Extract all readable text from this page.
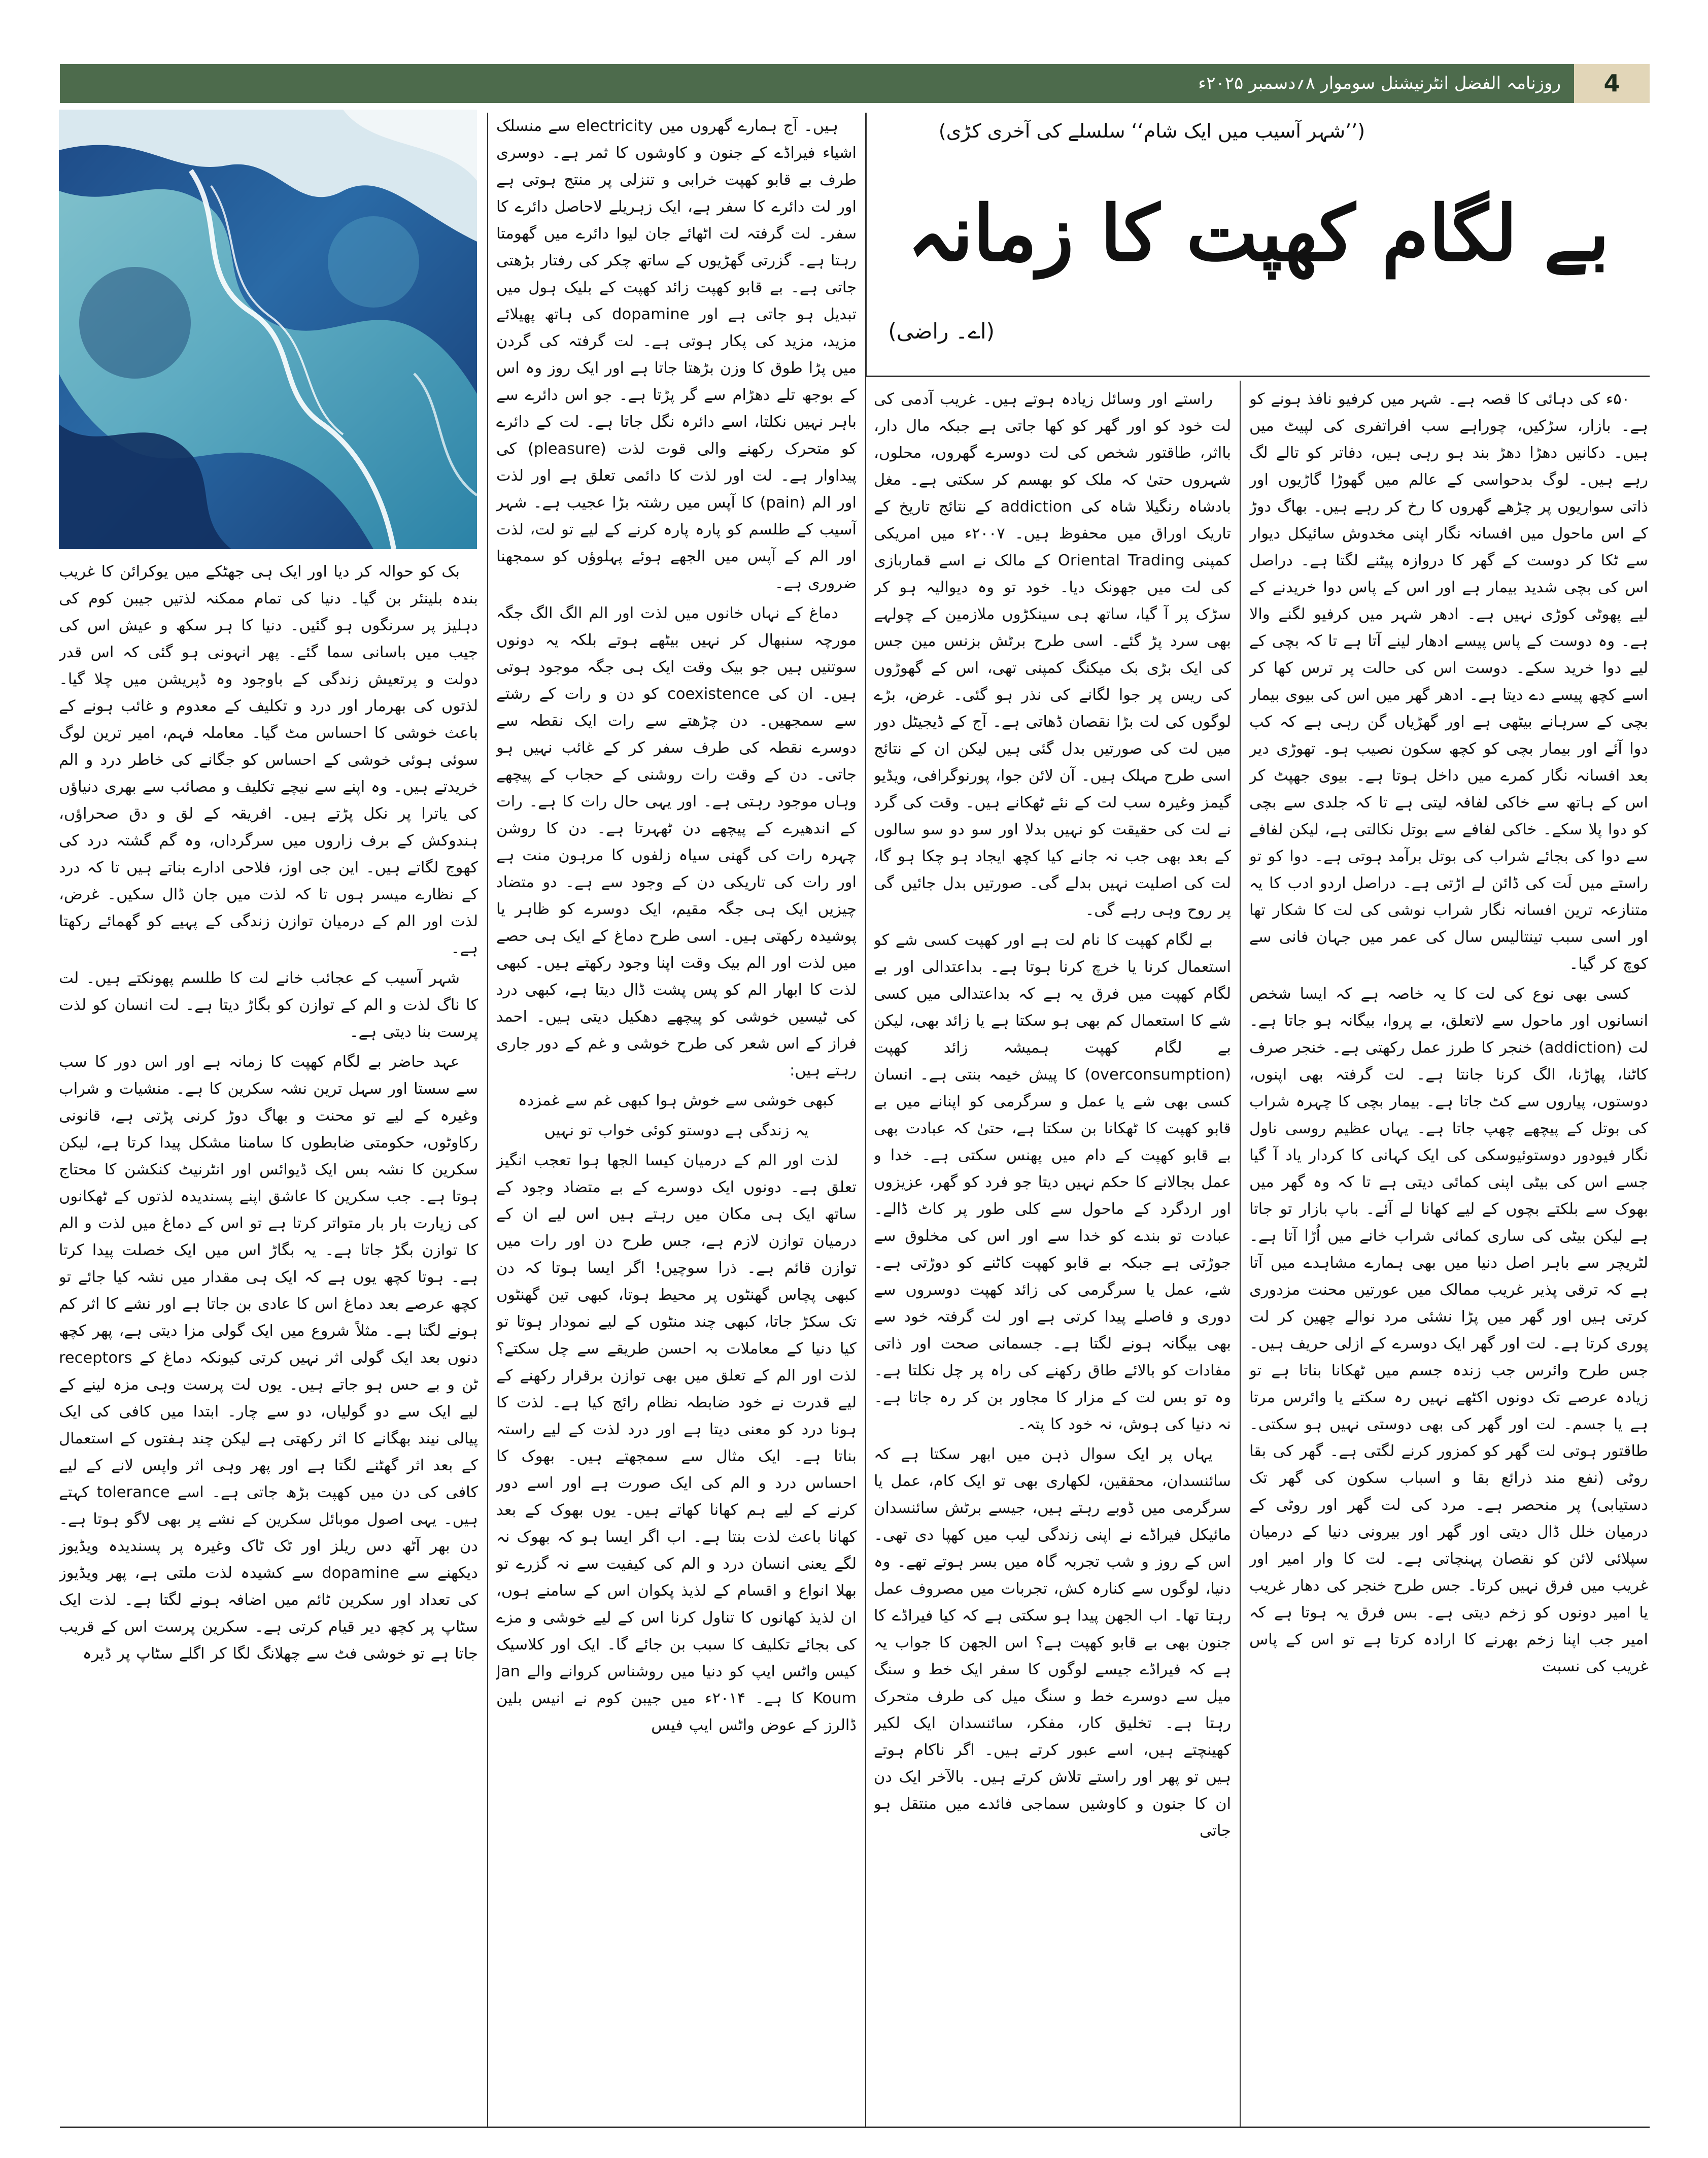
روزنامہ الفضل انٹرنیشنل سوموار ۸؍دسمبر ۲۰۲۵ء	4
(’’شہر آسیب میں ایک شام‘‘ سلسلے کی آخری کڑی)
بے لگام کھپت کا زمانہ
(اے۔ راضی)

۵۰ء کی دہائی کا قصہ ہے۔ شہر میں کرفیو نافذ ہونے کو ہے۔ بازار، سڑکیں، چوراہے سب افراتفری کی لپیٹ میں ہیں۔ دکانیں دھڑا دھڑ بند ہو رہی ہیں، دفاتر کو تالے لگ رہے ہیں۔ لوگ بدحواسی کے عالم میں گھوڑا گاڑیوں اور ذاتی سواریوں پر چڑھے گھروں کا رخ کر رہے ہیں۔ بھاگ دوڑ کے اس ماحول میں افسانہ نگار اپنی مخدوش سائیکل دیوار سے ٹکا کر دوست کے گھر کا دروازہ پیٹنے لگتا ہے۔ دراصل اس کی بچی شدید بیمار ہے اور اس کے پاس دوا خریدنے کے لیے پھوٹی کوڑی نہیں ہے۔ ادھر شہر میں کرفیو لگنے والا ہے۔ وہ دوست کے پاس پیسے ادھار لینے آتا ہے تا کہ بچی کے لیے دوا خرید سکے۔ دوست اس کی حالت پر ترس کھا کر اسے کچھ پیسے دے دیتا ہے۔ ادھر گھر میں اس کی بیوی بیمار بچی کے سرہانے بیٹھی ہے اور گھڑیاں گن رہی ہے کہ کب دوا آئے اور بیمار بچی کو کچھ سکون نصیب ہو۔ تھوڑی دیر بعد افسانہ نگار کمرے میں داخل ہوتا ہے۔ بیوی جھپٹ کر اس کے ہاتھ سے خاکی لفافہ لیتی ہے تا کہ جلدی سے بچی کو دوا پلا سکے۔ خاکی لفافے سے بوتل نکالتی ہے، لیکن لفافے سے دوا کی بجائے شراب کی بوتل برآمد ہوتی ہے۔ دوا کو تو راستے میں لَت کی ڈائن لے اڑتی ہے۔ دراصل اردو ادب کا یہ متنازعہ ترین افسانہ نگار شراب نوشی کی لت کا شکار تھا اور اسی سبب تینتالیس سال کی عمر میں جہان فانی سے کوچ کر گیا۔

کسی بھی نوع کی لت کا یہ خاصہ ہے کہ ایسا شخص انسانوں اور ماحول سے لاتعلق، بے پروا، بیگانہ ہو جاتا ہے۔ لت (addiction) خنجر کا طرز عمل رکھتی ہے۔ خنجر صرف کاٹنا، پھاڑنا، الگ کرنا جانتا ہے۔ لت گرفتہ بھی اپنوں، دوستوں، پیاروں سے کٹ جاتا ہے۔ بیمار بچی کا چہرہ شراب کی بوتل کے پیچھے چھپ جاتا ہے۔ یہاں عظیم روسی ناول نگار فیودور دوستوئیوسکی کی ایک کہانی کا کردار یاد آ گیا جسے اس کی بیٹی اپنی کمائی دیتی ہے تا کہ وہ گھر میں بھوک سے بلکتے بچوں کے لیے کھانا لے آئے۔ باپ بازار تو جاتا ہے لیکن بیٹی کی ساری کمائی شراب خانے میں اُڑا آتا ہے۔ لٹریچر سے باہر اصل دنیا میں بھی ہمارے مشاہدے میں آتا ہے کہ ترقی پذیر غریب ممالک میں عورتیں محنت مزدوری کرتی ہیں اور گھر میں پڑا نشئی مرد نوالے چھین کر لت پوری کرتا ہے۔ لت اور گھر ایک دوسرے کے ازلی حریف ہیں۔ جس طرح وائرس جب زندہ جسم میں ٹھکانا بناتا ہے تو زیادہ عرصے تک دونوں اکٹھے نہیں رہ سکتے یا وائرس مرتا ہے یا جسم۔ لت اور گھر کی بھی دوستی نہیں ہو سکتی۔ طاقتور ہوتی لت گھر کو کمزور کرنے لگتی ہے۔ گھر کی بقا روٹی (نفع مند ذرائع بقا و اسباب سکون کی گھر تک دستیابی) پر منحصر ہے۔ مرد کی لت گھر اور روٹی کے درمیان خلل ڈال دیتی اور گھر اور بیرونی دنیا کے درمیان سپلائی لائن کو نقصان پہنچاتی ہے۔ لت کا وار امیر اور غریب میں فرق نہیں کرتا۔ جس طرح خنجر کی دھار غریب یا امیر دونوں کو زخم دیتی ہے۔ بس فرق یہ ہوتا ہے کہ امیر جب اپنا زخم بھرنے کا ارادہ کرتا ہے تو اس کے پاس غریب کی نسبت

راستے اور وسائل زیادہ ہوتے ہیں۔ غریب آدمی کی لت خود کو اور گھر کو کھا جاتی ہے جبکہ مال دار، بااثر، طاقتور شخص کی لت دوسرے گھروں، محلوں، شہروں حتیٰ کہ ملک کو بھسم کر سکتی ہے۔ مغل بادشاہ رنگیلا شاہ کی addiction کے نتائج تاریخ کے تاریک اوراق میں محفوظ ہیں۔ ۲۰۰۷ء میں امریکی کمپنی Oriental Trading کے مالک نے اسے قماربازی کی لت میں جھونک دیا۔ خود تو وہ دیوالیہ ہو کر سڑک پر آ گیا، ساتھ ہی سینکڑوں ملازمین کے چولہے بھی سرد پڑ گئے۔ اسی طرح برٹش بزنس مین جس کی ایک بڑی بک میکنگ کمپنی تھی، اس کے گھوڑوں کی ریس پر جوا لگانے کی نذر ہو گئی۔ غرض، بڑے لوگوں کی لت بڑا نقصان ڈھاتی ہے۔ آج کے ڈیجیٹل دور میں لت کی صورتیں بدل گئی ہیں لیکن ان کے نتائج اسی طرح مہلک ہیں۔ آن لائن جوا، پورنوگرافی، ویڈیو گیمز وغیرہ سب لت کے نئے ٹھکانے ہیں۔ وقت کی گرد نے لت کی حقیقت کو نہیں بدلا اور سو دو سو سالوں کے بعد بھی جب نہ جانے کیا کچھ ایجاد ہو چکا ہو گا، لت کی اصلیت نہیں بدلے گی۔ صورتیں بدل جائیں گی پر روح وہی رہے گی۔

بے لگام کھپت کا نام لت ہے اور کھپت کسی شے کو استعمال کرنا یا خرچ کرنا ہوتا ہے۔ بداعتدالی اور بے لگام کھپت میں فرق یہ ہے کہ بداعتدالی میں کسی شے کا استعمال کم بھی ہو سکتا ہے یا زائد بھی، لیکن بے لگام کھپت ہمیشہ زائد کھپت (overconsumption) کا پیش خیمہ بنتی ہے۔ انسان کسی بھی شے یا عمل و سرگرمی کو اپنانے میں بے قابو کھپت کا ٹھکانا بن سکتا ہے، حتیٰ کہ عبادت بھی بے قابو کھپت کے دام میں پھنس سکتی ہے۔ خدا و عمل بجالانے کا حکم نہیں دیتا جو فرد کو گھر، عزیزوں اور اردگرد کے ماحول سے کلی طور پر کاٹ ڈالے۔ عبادت تو بندے کو خدا سے اور اس کی مخلوق سے جوڑتی ہے جبکہ بے قابو کھپت کاٹنے کو دوڑتی ہے۔ شے، عمل یا سرگرمی کی زائد کھپت دوسروں سے دوری و فاصلے پیدا کرتی ہے اور لت گرفتہ خود سے بھی بیگانہ ہونے لگتا ہے۔ جسمانی صحت اور ذاتی مفادات کو بالائے طاق رکھنے کی راہ پر چل نکلتا ہے۔ وہ تو بس لت کے مزار کا مجاور بن کر رہ جاتا ہے۔ نہ دنیا کی ہوش، نہ خود کا پتہ۔

یہاں پر ایک سوال ذہن میں ابھر سکتا ہے کہ سائنسدان، محققین، لکھاری بھی تو ایک کام، عمل یا سرگرمی میں ڈوبے رہتے ہیں، جیسے برٹش سائنسدان مائیکل فیراڈے نے اپنی زندگی لیب میں کھپا دی تھی۔ اس کے روز و شب تجربہ گاہ میں بسر ہوتے تھے۔ وہ دنیا، لوگوں سے کنارہ کش، تجربات میں مصروف عمل رہتا تھا۔ اب الجھن پیدا ہو سکتی ہے کہ کیا فیراڈے کا جنون بھی بے قابو کھپت ہے؟ اس الجھن کا جواب یہ ہے کہ فیراڈے جیسے لوگوں کا سفر ایک خط و سنگ میل سے دوسرے خط و سنگ میل کی طرف متحرک رہتا ہے۔ تخلیق کار، مفکر، سائنسدان ایک لکیر کھینچتے ہیں، اسے عبور کرتے ہیں۔ اگر ناکام ہوتے ہیں تو پھر اور راستے تلاش کرتے ہیں۔ بالآخر ایک دن ان کا جنون و کاوشیں سماجی فائدے میں منتقل ہو جاتی

ہیں۔ آج ہمارے گھروں میں electricity سے منسلک اشیاء فیراڈے کے جنون و کاوشوں کا ثمر ہے۔ دوسری طرف بے قابو کھپت خرابی و تنزلی پر منتج ہوتی ہے اور لت دائرے کا سفر ہے، ایک زہریلے لاحاصل دائرے کا سفر۔ لت گرفتہ لت اٹھائے جان لیوا دائرے میں گھومتا رہتا ہے۔ گزرتی گھڑیوں کے ساتھ چکر کی رفتار بڑھتی جاتی ہے۔ بے قابو کھپت زائد کھپت کے بلیک ہول میں تبدیل ہو جاتی ہے اور dopamine کی ہاتھ پھیلائے مزید، مزید کی پکار ہوتی ہے۔ لت گرفتہ کی گردن میں پڑا طوق کا وزن بڑھتا جاتا ہے اور ایک روز وہ اس کے بوجھ تلے دھڑام سے گر پڑتا ہے۔ جو اس دائرے سے باہر نہیں نکلتا، اسے دائرہ نگل جاتا ہے۔ لت کے دائرے کو متحرک رکھنے والی قوت لذت (pleasure) کی پیداوار ہے۔ لت اور لذت کا دائمی تعلق ہے اور لذت اور الم (pain) کا آپس میں رشتہ بڑا عجیب ہے۔ شہر آسیب کے طلسم کو پارہ پارہ کرنے کے لیے تو لت، لذت اور الم کے آپس میں الجھے ہوئے پہلوؤں کو سمجھنا ضروری ہے۔

دماغ کے نہاں خانوں میں لذت اور الم الگ الگ جگہ مورچہ سنبھال کر نہیں بیٹھے ہوتے بلکہ یہ دونوں سوتنیں ہیں جو بیک وقت ایک ہی جگہ موجود ہوتی ہیں۔ ان کی coexistence کو دن و رات کے رشتے سے سمجھیں۔ دن چڑھتے سے رات ایک نقطہ سے دوسرے نقطہ کی طرف سفر کر کے غائب نہیں ہو جاتی۔ دن کے وقت رات روشنی کے حجاب کے پیچھے وہاں موجود رہتی ہے۔ اور یہی حال رات کا ہے۔ رات کے اندھیرے کے پیچھے دن ٹھہرتا ہے۔ دن کا روشن چہرہ رات کی گھنی سیاہ زلفوں کا مرہون منت ہے اور رات کی تاریکی دن کے وجود سے ہے۔ دو متضاد چیزیں ایک ہی جگہ مقیم، ایک دوسرے کو ظاہر یا پوشیدہ رکھتی ہیں۔ اسی طرح دماغ کے ایک ہی حصے میں لذت اور الم بیک وقت اپنا وجود رکھتے ہیں۔ کبھی لذت کا ابھار الم کو پس پشت ڈال دیتا ہے، کبھی درد کی ٹیسیں خوشی کو پیچھے دھکیل دیتی ہیں۔ احمد فراز کے اس شعر کی طرح خوشی و غم کے دور جاری رہتے ہیں:

کبھی خوشی سے خوش ہوا کبھی غم سے غمزدہ

یہ زندگی ہے دوستو کوئی خواب تو نہیں

لذت اور الم کے درمیان کیسا الجھا ہوا تعجب انگیز تعلق ہے۔ دونوں ایک دوسرے کے بے متضاد وجود کے ساتھ ایک ہی مکان میں رہتے ہیں اس لیے ان کے درمیان توازن لازم ہے، جس طرح دن اور رات میں توازن قائم ہے۔ ذرا سوچیں! اگر ایسا ہوتا کہ دن کبھی پچاس گھنٹوں پر محیط ہوتا، کبھی تین گھنٹوں تک سکڑ جاتا، کبھی چند منٹوں کے لیے نمودار ہوتا تو کیا دنیا کے معاملات بہ احسن طریقے سے چل سکتے؟ لذت اور الم کے تعلق میں بھی توازن برقرار رکھنے کے لیے قدرت نے خود ضابطہ نظام رائج کیا ہے۔ لذت کا ہونا درد کو معنی دیتا ہے اور درد لذت کے لیے راستہ بناتا ہے۔ ایک مثال سے سمجھتے ہیں۔ بھوک کا احساس درد و الم کی ایک صورت ہے اور اسے دور کرنے کے لیے ہم کھانا کھاتے ہیں۔ یوں بھوک کے بعد کھانا باعث لذت بنتا ہے۔ اب اگر ایسا ہو کہ بھوک نہ لگے یعنی انسان درد و الم کی کیفیت سے نہ گزرے تو بھلا انواع و اقسام کے لذیذ پکوان اس کے سامنے ہوں، ان لذیذ کھانوں کا تناول کرنا اس کے لیے خوشی و مزے کی بجائے تکلیف کا سبب بن جائے گا۔ ایک اور کلاسیک کیس واٹس ایپ کو دنیا میں روشناس کروانے والے Jan Koum کا ہے۔ ۲۰۱۴ء میں جیبن کوم نے انیس بلین ڈالرز کے عوض واٹس ایپ فیس

بک کو حوالہ کر دیا اور ایک ہی جھٹکے میں یوکرائن کا غریب بندہ بلینئر بن گیا۔ دنیا کی تمام ممکنہ لذتیں جیبن کوم کی دہلیز پر سرنگوں ہو گئیں۔ دنیا کا ہر سکھ و عیش اس کی جیب میں باسانی سما گئے۔ پھر انہونی ہو گئی کہ اس قدر دولت و پرتعیش زندگی کے باوجود وہ ڈپریشن میں چلا گیا۔ لذتوں کی بھرمار اور درد و تکلیف کے معدوم و غائب ہونے کے باعث خوشی کا احساس مٹ گیا۔ معاملہ فہم، امیر ترین لوگ سوئی ہوئی خوشی کے احساس کو جگانے کی خاطر درد و الم خریدتے ہیں۔ وہ اپنے سے نیچے تکلیف و مصائب سے بھری دنیاؤں کی یاترا پر نکل پڑتے ہیں۔ افریقہ کے لق و دق صحراؤں، ہندوکش کے برف زاروں میں سرگرداں، وہ گم گشتہ درد کی کھوج لگاتے ہیں۔ این جی اوز، فلاحی ادارے بناتے ہیں تا کہ درد کے نظارے میسر ہوں تا کہ لذت میں جان ڈال سکیں۔ غرض، لذت اور الم کے درمیان توازن زندگی کے پہیے کو گھمائے رکھتا ہے۔

شہر آسیب کے عجائب خانے لت کا طلسم پھونکتے ہیں۔ لت کا ناگ لذت و الم کے توازن کو بگاڑ دیتا ہے۔ لت انسان کو لذت پرست بنا دیتی ہے۔

عہد حاضر بے لگام کھپت کا زمانہ ہے اور اس دور کا سب سے سستا اور سہل ترین نشہ سکرین کا ہے۔ منشیات و شراب وغیرہ کے لیے تو محنت و بھاگ دوڑ کرنی پڑتی ہے، قانونی رکاوٹوں، حکومتی ضابطوں کا سامنا مشکل پیدا کرتا ہے، لیکن سکرین کا نشہ بس ایک ڈیوائس اور انٹرنیٹ کنکشن کا محتاج ہوتا ہے۔ جب سکرین کا عاشق اپنے پسندیدہ لذتوں کے ٹھکانوں کی زیارت بار بار متواتر کرتا ہے تو اس کے دماغ میں لذت و الم کا توازن بگڑ جاتا ہے۔ یہ بگاڑ اس میں ایک خصلت پیدا کرتا ہے۔ ہوتا کچھ یوں ہے کہ ایک ہی مقدار میں نشہ کیا جائے تو کچھ عرصے بعد دماغ اس کا عادی بن جاتا ہے اور نشے کا اثر کم ہونے لگتا ہے۔ مثلاً شروع میں ایک گولی مزا دیتی ہے، پھر کچھ دنوں بعد ایک گولی اثر نہیں کرتی کیونکہ دماغ کے receptors ٹن و بے حس ہو جاتے ہیں۔ یوں لت پرست وہی مزہ لینے کے لیے ایک سے دو گولیاں، دو سے چار۔ ابتدا میں کافی کی ایک پیالی نیند بھگانے کا اثر رکھتی ہے لیکن چند ہفتوں کے استعمال کے بعد اثر گھٹنے لگتا ہے اور پھر وہی اثر واپس لانے کے لیے کافی کی دن میں کھپت بڑھ جاتی ہے۔ اسے tolerance کہتے ہیں۔ یہی اصول موبائل سکرین کے نشے پر بھی لاگو ہوتا ہے۔ دن بھر آٹھ دس ریلز اور ٹک ٹاک وغیرہ پر پسندیدہ ویڈیوز دیکھنے سے dopamine سے کشیدہ لذت ملتی ہے، پھر ویڈیوز کی تعداد اور سکرین ٹائم میں اضافہ ہونے لگتا ہے۔ لذت ایک سٹاپ پر کچھ دیر قیام کرتی ہے۔ سکرین پرست اس کے قریب جاتا ہے تو خوشی فٹ سے چھلانگ لگا کر اگلے سٹاپ پر ڈیرہ
